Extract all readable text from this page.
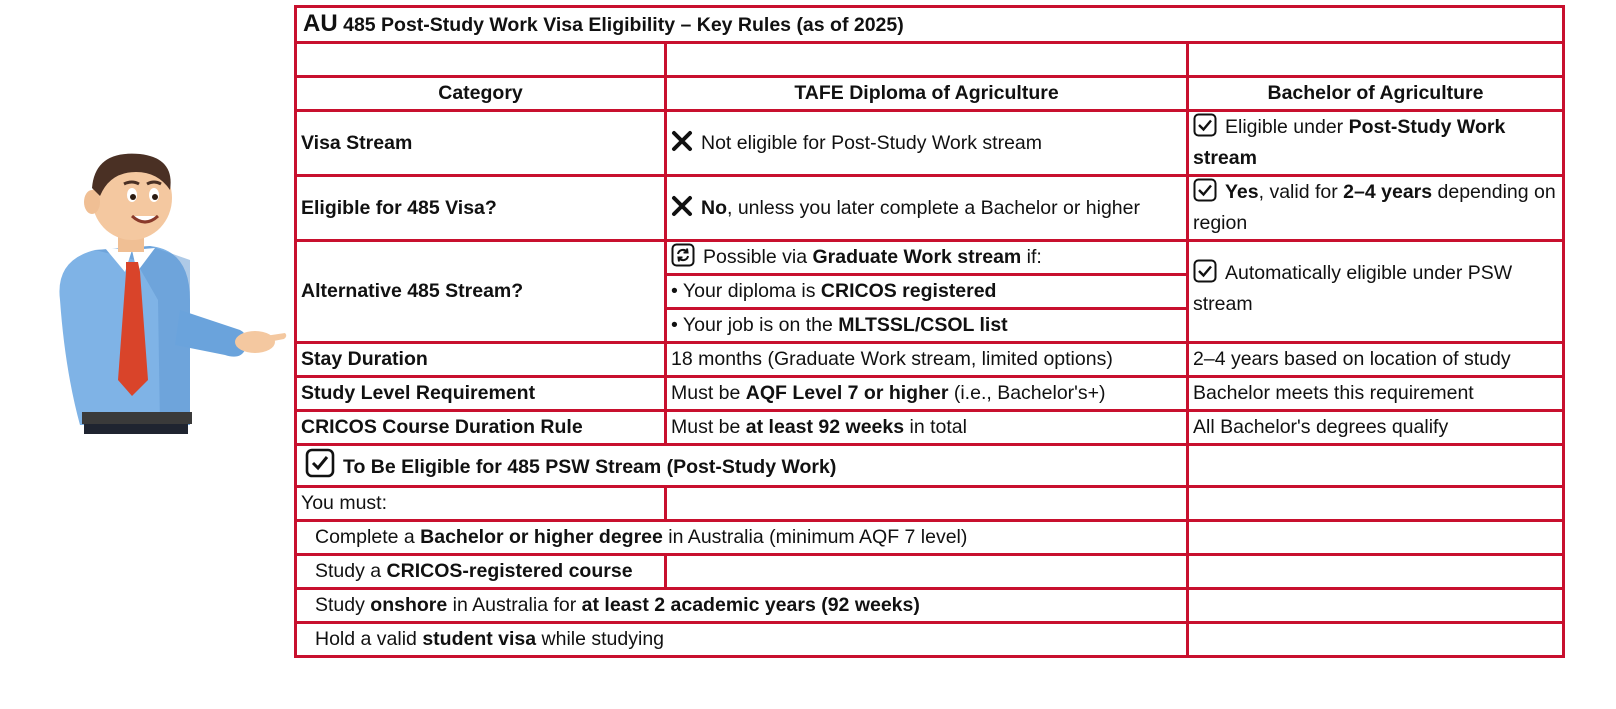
AU 485 Post-Study Work Visa Eligibility – Key Rules (as of 2025)		

Category	TAFE Diploma of Agriculture	Bachelor of Agriculture
Visa Stream	Not eligible for Post-Study Work stream	Eligible under Post-Study Work stream
Eligible for 485 Visa?	No, unless you later complete a Bachelor or higher	Yes, valid for 2–4 years depending on region
Alternative 485 Stream?	Possible via Graduate Work stream if:	Automatically eligible under PSW stream
	• Your diploma is CRICOS registered	
	• Your job is on the MLTSSL/CSOL list	
Stay Duration	18 months (Graduate Work stream, limited options)	2–4 years based on location of study
Study Level Requirement	Must be AQF Level 7 or higher (i.e., Bachelor's+)	Bachelor meets this requirement
CRICOS Course Duration Rule	Must be at least 92 weeks in total	All Bachelor's degrees qualify
To Be Eligible for 485 PSW Stream (Post-Study Work)		
You must:		
Complete a Bachelor or higher degree in Australia (minimum AQF 7 level)		
Study a CRICOS-registered course		
Study onshore in Australia for at least 2 academic years (92 weeks)		
Hold a valid student visa while studying		
